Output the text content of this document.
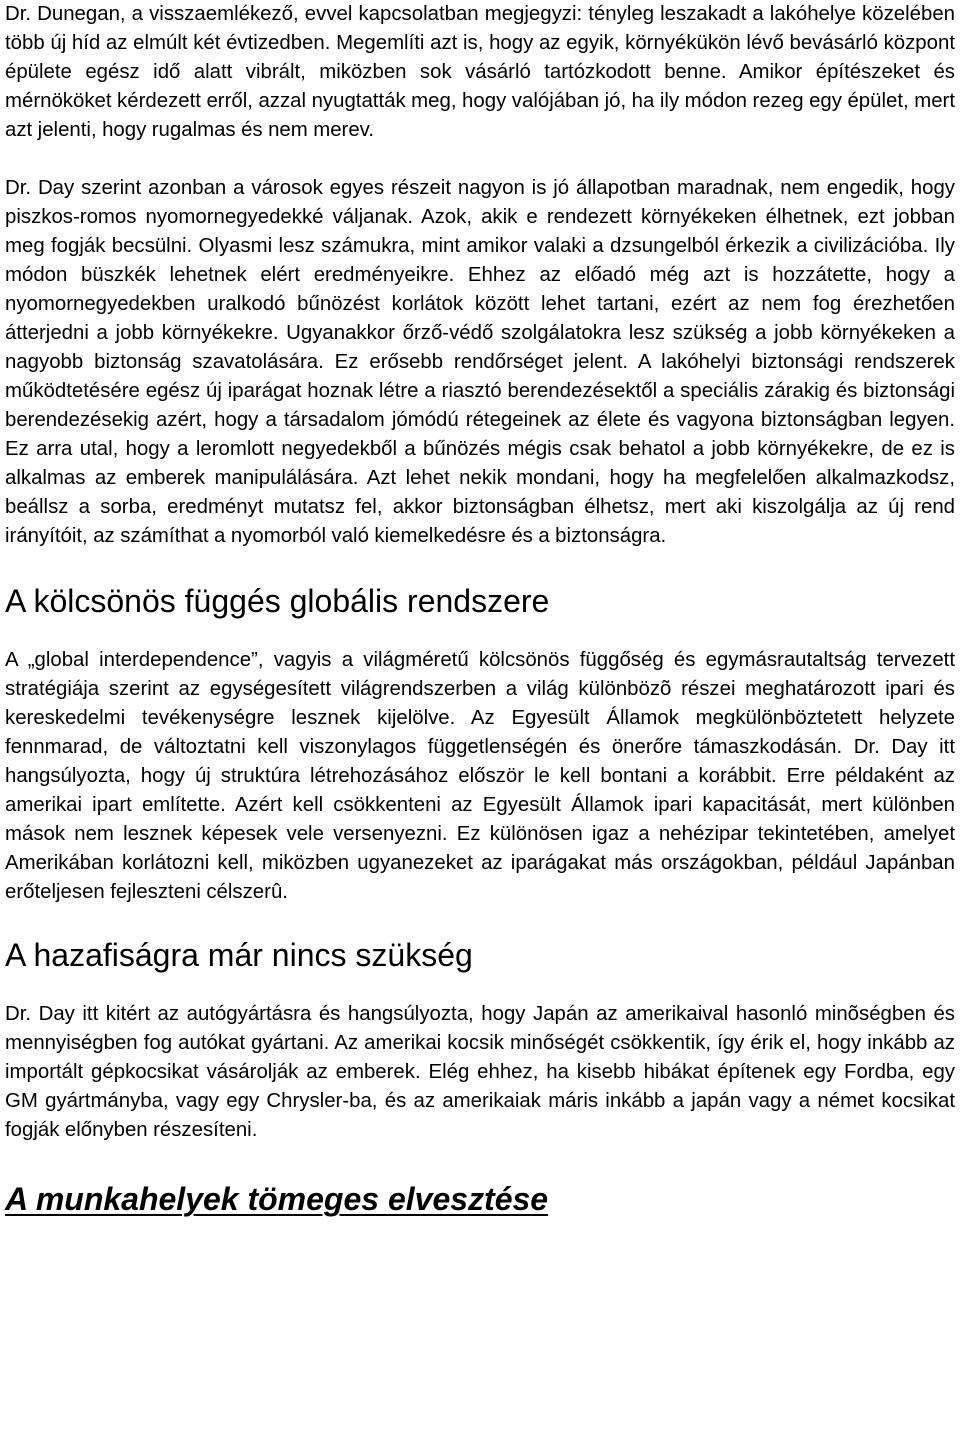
Dr. Dunegan, a visszaemlékező, evvel kapcsolatban megjegyzi: tényleg leszakadt a lakóhelye közelében több új híd az elmúlt két évtizedben. Megemlíti azt is, hogy az egyik, környékükön lévő bevásárló központ épülete egész idő alatt vibrált, miközben sok vásárló tartózkodott benne. Amikor építészeket és mérnököket kérdezett erről, azzal nyugtatták meg, hogy valójában jó, ha ily módon rezeg egy épület, mert azt jelenti, hogy rugalmas és nem merev.

Dr. Day szerint azonban a városok egyes részeit nagyon is jó állapotban maradnak, nem engedik, hogy piszkos-romos nyomornegyedekké váljanak. Azok, akik e rendezett környékeken élhetnek, ezt jobban meg fogják becsülni. Olyasmi lesz számukra, mint amikor valaki a dzsungelból érkezik a civilizációba. Ily módon büszkék lehetnek elért eredményeikre. Ehhez az előadó még azt is hozzátette, hogy a nyomornegyedekben uralkodó bűnözést korlátok között lehet tartani, ezért az nem fog érezhetően átterjedni a jobb környékekre. Ugyanakkor őrző-védő szolgálatokra lesz szükség a jobb környékeken a nagyobb biztonság szavatolására. Ez erősebb rendőrséget jelent. A lakóhelyi biztonsági rendszerek működtetésére egész új iparágat hoznak létre a riasztó berendezésektől a speciális zárakig és biztonsági berendezésekig azért, hogy a társadalom jómódú rétegeinek az élete és vagyona biztonságban legyen. Ez arra utal, hogy a leromlott negyedekből a bűnözés mégis csak behatol a jobb környékekre, de ez is alkalmas az emberek manipulálására. Azt lehet nekik mondani, hogy ha megfelelően alkalmazkodsz, beállsz a sorba, eredményt mutatsz fel, akkor biztonságban élhetsz, mert aki kiszolgálja az új rend irányítóit, az számíthat a nyomorból való kiemelkedésre és a biztonságra.

A kölcsönös függés globális rendszere

A „global interdependence”, vagyis a világméretű kölcsönös függőség és egymásrautaltság tervezett stratégiája szerint az egységesített világrendszerben a világ különbözõ részei meghatározott ipari és kereskedelmi tevékenységre lesznek kijelölve. Az Egyesült Államok megkülönböztetett helyzete fennmarad, de változtatni kell viszonylagos függetlenségén és önerőre támaszkodásán. Dr. Day itt hangsúlyozta, hogy új struktúra létrehozásához először le kell bontani a korábbit. Erre példaként az amerikai ipart említette. Azért kell csökkenteni az Egyesült Államok ipari kapacitását, mert különben mások nem lesznek képesek vele versenyezni. Ez különösen igaz a nehézipar tekintetében, amelyet Amerikában korlátozni kell, miközben ugyanezeket az iparágakat más országokban, például Japánban erőteljesen fejleszteni célszerû.

A hazafiságra már nincs szükség

Dr. Day itt kitért az autógyártásra és hangsúlyozta, hogy Japán az amerikaival hasonló minõségben és mennyiségben fog autókat gyártani. Az amerikai kocsik minőségét csökkentik, így érik el, hogy inkább az importált gépkocsikat vásárolják az emberek. Elég ehhez, ha kisebb hibákat építenek egy Fordba, egy GM gyártmányba, vagy egy Chrysler-ba, és az amerikaiak máris inkább a japán vagy a német kocsikat fogják előnyben részesíteni.

A munkahelyek tömeges elvesztése
